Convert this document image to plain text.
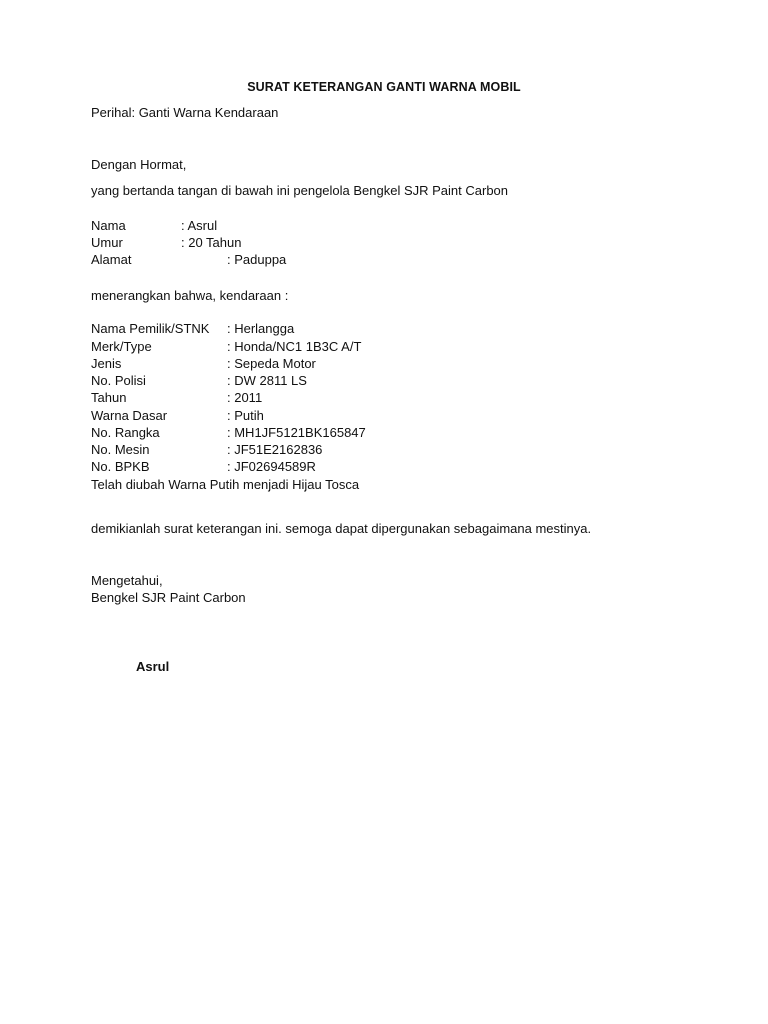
SURAT KETERANGAN GANTI WARNA MOBIL
Perihal: Ganti Warna Kendaraan
Dengan Hormat,
yang bertanda tangan di bawah ini pengelola Bengkel SJR Paint Carbon
Nama	: Asrul
Umur	: 20 Tahun
Alamat	: Paduppa
menerangkan bahwa, kendaraan :
Nama Pemilik/STNK : Herlangga
Merk/Type	: Honda/NC1 1B3C A/T
Jenis	: Sepeda Motor
No. Polisi	: DW 2811 LS
Tahun	: 2011
Warna Dasar	: Putih
No. Rangka	: MH1JF5121BK165847
No. Mesin	: JF51E2162836
No. BPKB	: JF02694589R
Telah diubah Warna Putih menjadi Hijau Tosca
demikianlah surat keterangan ini. semoga dapat dipergunakan sebagaimana mestinya.
Mengetahui,
Bengkel SJR Paint Carbon
Asrul
